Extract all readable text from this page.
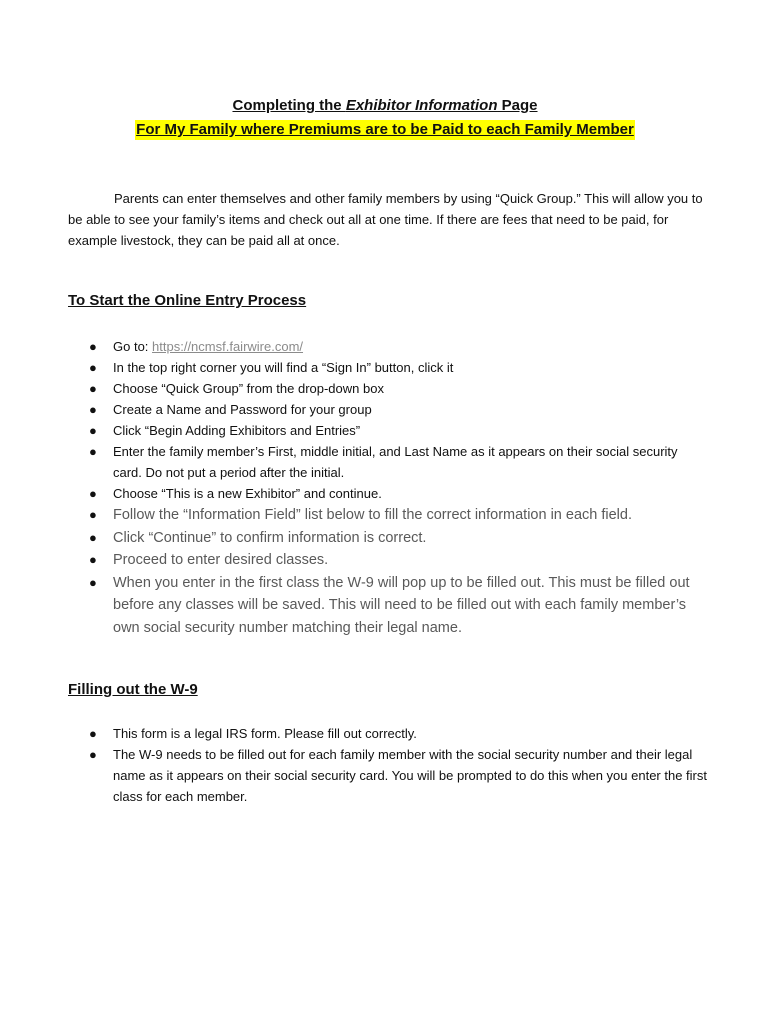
Completing the Exhibitor Information Page
For My Family where Premiums are to be Paid to each Family Member

Parents can enter themselves and other family members by using “Quick Group.” This will allow you to be able to see your family’s items and check out all at one time. If there are fees that need to be paid, for example livestock, they can be paid all at once.

To Start the Online Entry Process
● Go to: https://ncmsf.fairwire.com/
● In the top right corner you will find a “Sign In” button, click it
● Choose “Quick Group” from the drop-down box
● Create a Name and Password for your group
● Click “Begin Adding Exhibitors and Entries”
● Enter the family member’s First, middle initial, and Last Name as it appears on their social security card. Do not put a period after the initial.
● Choose “This is a new Exhibitor” and continue.
● Follow the “Information Field” list below to fill the correct information in each field.
● Click “Continue” to confirm information is correct.
● Proceed to enter desired classes.
● When you enter in the first class the W-9 will pop up to be filled out. This must be filled out before any classes will be saved. This will need to be filled out with each family member’s own social security number matching their legal name.
Filling out the W-9
● This form is a legal IRS form. Please fill out correctly.
● The W-9 needs to be filled out for each family member with the social security number and their legal name as it appears on their social security card. You will be prompted to do this when you enter the first class for each member.
